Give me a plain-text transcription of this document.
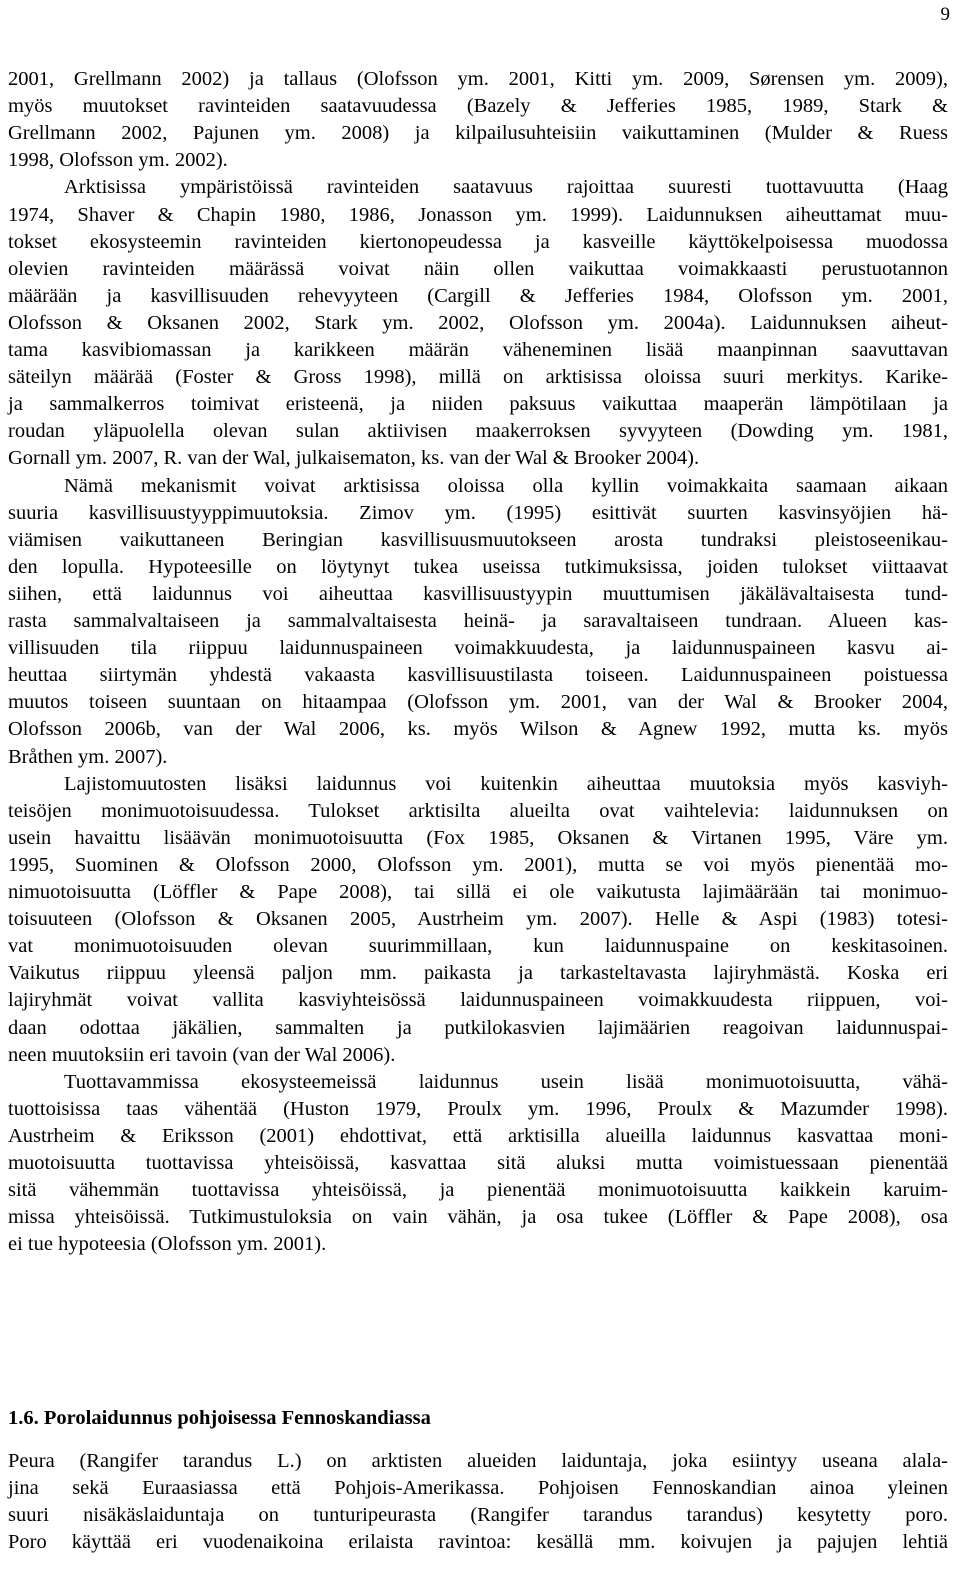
9
2001, Grellmann 2002) ja tallaus (Olofsson ym. 2001, Kitti ym. 2009, Sørensen ym. 2009),
myös muutokset ravinteiden saatavuudessa (Bazely & Jefferies 1985, 1989, Stark &
Grellmann 2002, Pajunen ym. 2008) ja kilpailusuhteisiin vaikuttaminen (Mulder & Ruess
1998, Olofsson ym. 2002).
Arktisissa ympäristöissä ravinteiden saatavuus rajoittaa suuresti tuottavuutta (Haag
1974, Shaver & Chapin 1980, 1986, Jonasson ym. 1999). Laidunnuksen aiheuttamat muu-
tokset ekosysteemin ravinteiden kiertonopeudessa ja kasveille käyttökelpoisessa muodossa
olevien ravinteiden määrässä voivat näin ollen vaikuttaa voimakkaasti perustuotannon
määrään ja kasvillisuuden rehevyyteen (Cargill & Jefferies 1984, Olofsson ym. 2001,
Olofsson & Oksanen 2002, Stark ym. 2002, Olofsson ym. 2004a). Laidunnuksen aiheut-
tama kasvibiomassan ja karikkeen määrän väheneminen lisää maanpinnan saavuttavan
säteilyn määrää (Foster & Gross 1998), millä on arktisissa oloissa suuri merkitys. Karike-
ja sammalkerros toimivat eristeenä, ja niiden paksuus vaikuttaa maaperän lämpötilaan ja
roudan yläpuolella olevan sulan aktiivisen maakerroksen syvyyteen (Dowding ym. 1981,
Gornall ym. 2007, R. van der Wal, julkaisematon, ks. van der Wal & Brooker 2004).
Nämä mekanismit voivat arktisissa oloissa olla kyllin voimakkaita saamaan aikaan
suuria kasvillisuustyyppimuutoksia. Zimov ym. (1995) esittivät suurten kasvinsyöjien hä-
viämisen vaikuttaneen Beringian kasvillisuusmuutokseen arosta tundraksi pleistoseenikau-
den lopulla. Hypoteesille on löytynyt tukea useissa tutkimuksissa, joiden tulokset viittaavat
siihen, että laidunnus voi aiheuttaa kasvillisuustyypin muuttumisen jäkälävaltaisesta tund-
rasta sammalvaltaiseen ja sammalvaltaisesta heinä- ja saravaltaiseen tundraan. Alueen kas-
villisuuden tila riippuu laidunnuspaineen voimakkuudesta, ja laidunnuspaineen kasvu ai-
heuttaa siirtymän yhdestä vakaasta kasvillisuustilasta toiseen. Laidunnuspaineen poistuessa
muutos toiseen suuntaan on hitaampaa (Olofsson ym. 2001, van der Wal & Brooker 2004,
Olofsson 2006b, van der Wal 2006, ks. myös Wilson & Agnew 1992, mutta ks. myös
Bråthen ym. 2007).
Lajistomuutosten lisäksi laidunnus voi kuitenkin aiheuttaa muutoksia myös kasviyh-
teisöjen monimuotoisuudessa. Tulokset arktisilta alueilta ovat vaihtelevia: laidunnuksen on
usein havaittu lisäävän monimuotoisuutta (Fox 1985, Oksanen & Virtanen 1995, Väre ym.
1995, Suominen & Olofsson 2000, Olofsson ym. 2001), mutta se voi myös pienentää mo-
nimuotoisuutta (Löffler & Pape 2008), tai sillä ei ole vaikutusta lajimäärään tai monimuo-
toisuuteen (Olofsson & Oksanen 2005, Austrheim ym. 2007). Helle & Aspi (1983) totesi-
vat monimuotoisuuden olevan suurimmillaan, kun laidunnuspaine on keskitasoinen.
Vaikutus riippuu yleensä paljon mm. paikasta ja tarkasteltavasta lajiryhmästä. Koska eri
lajiryhmät voivat vallita kasviyhteisössä laidunnuspaineen voimakkuudesta riippuen, voi-
daan odottaa jäkälien, sammalten ja putkilokasvien lajimäärien reagoivan laidunnuspai-
neen muutoksiin eri tavoin (van der Wal 2006).
Tuottavammissa ekosysteemeissä laidunnus usein lisää monimuotoisuutta, vähä-
tuottoisissa taas vähentää (Huston 1979, Proulx ym. 1996, Proulx & Mazumder 1998).
Austrheim & Eriksson (2001) ehdottivat, että arktisilla alueilla laidunnus kasvattaa moni-
muotoisuutta tuottavissa yhteisöissä, kasvattaa sitä aluksi mutta voimistuessaan pienentää
sitä vähemmän tuottavissa yhteisöissä, ja pienentää monimuotoisuutta kaikkein karuim-
missa yhteisöissä. Tutkimustuloksia on vain vähän, ja osa tukee (Löffler & Pape 2008), osa
ei tue hypoteesia (Olofsson ym. 2001).
1.6. Porolaidunnus pohjoisessa Fennoskandiassa
Peura (Rangifer tarandus L.) on arktisten alueiden laiduntaja, joka esiintyy useana alala-
jina sekä Euraasiassa että Pohjois-Amerikassa. Pohjoisen Fennoskandian ainoa yleinen
suuri nisäkäslaiduntaja on tunturipeurasta (Rangifer tarandus tarandus) kesytetty poro.
Poro käyttää eri vuodenaikoina erilaista ravintoa: kesällä mm. koivujen ja pajujen lehtiä
